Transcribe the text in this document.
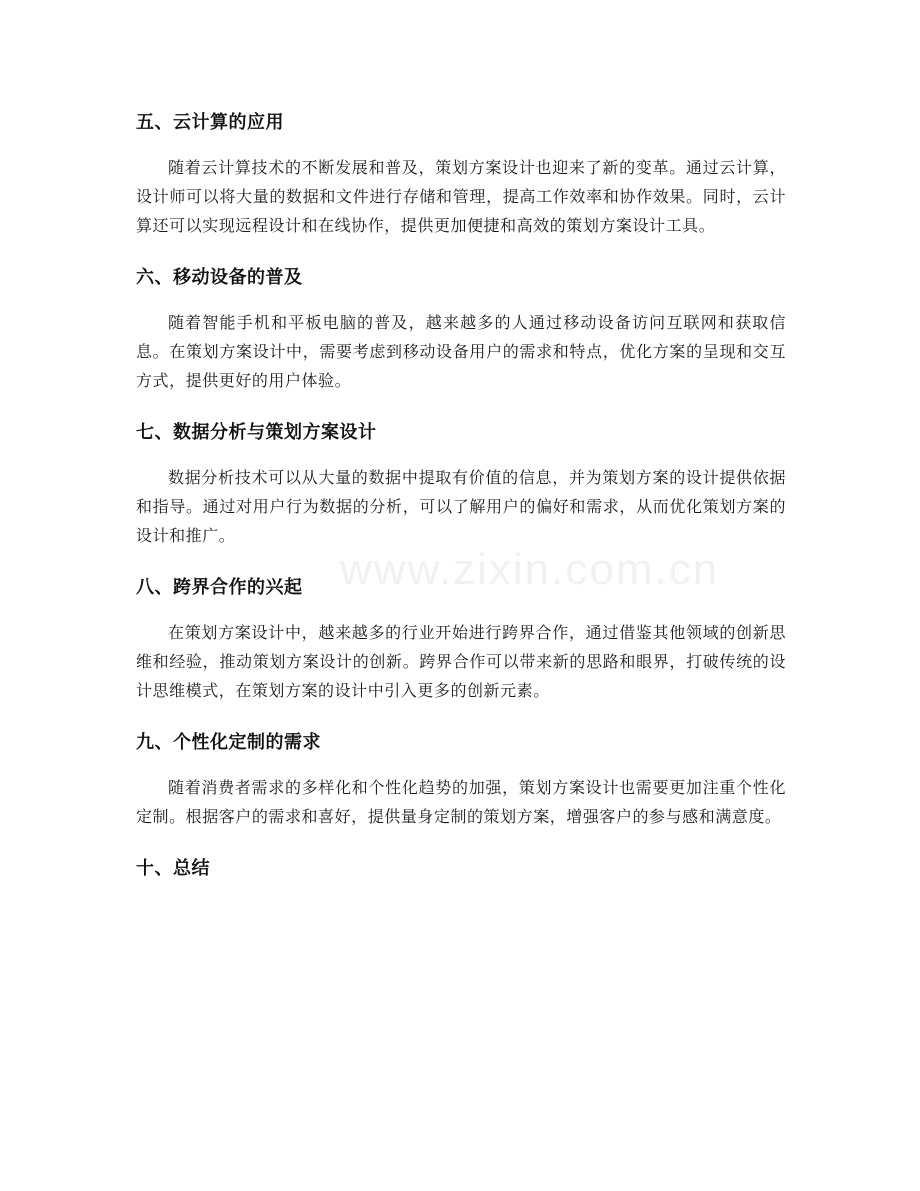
www.zixin.com.cn
五、云计算的应用

随着云计算技术的不断发展和普及，策划方案设计也迎来了新的变革。通过云计算，设计师可以将大量的数据和文件进行存储和管理，提高工作效率和协作效果。同时，云计算还可以实现远程设计和在线协作，提供更加便捷和高效的策划方案设计工具。

六、移动设备的普及

随着智能手机和平板电脑的普及，越来越多的人通过移动设备访问互联网和获取信息。在策划方案设计中，需要考虑到移动设备用户的需求和特点，优化方案的呈现和交互方式，提供更好的用户体验。

七、数据分析与策划方案设计

数据分析技术可以从大量的数据中提取有价值的信息，并为策划方案的设计提供依据和指导。通过对用户行为数据的分析，可以了解用户的偏好和需求，从而优化策划方案的设计和推广。

八、跨界合作的兴起

在策划方案设计中，越来越多的行业开始进行跨界合作，通过借鉴其他领域的创新思维和经验，推动策划方案设计的创新。跨界合作可以带来新的思路和眼界，打破传统的设计思维模式，在策划方案的设计中引入更多的创新元素。

九、个性化定制的需求

随着消费者需求的多样化和个性化趋势的加强，策划方案设计也需要更加注重个性化定制。根据客户的需求和喜好，提供量身定制的策划方案，增强客户的参与感和满意度。

十、总结
